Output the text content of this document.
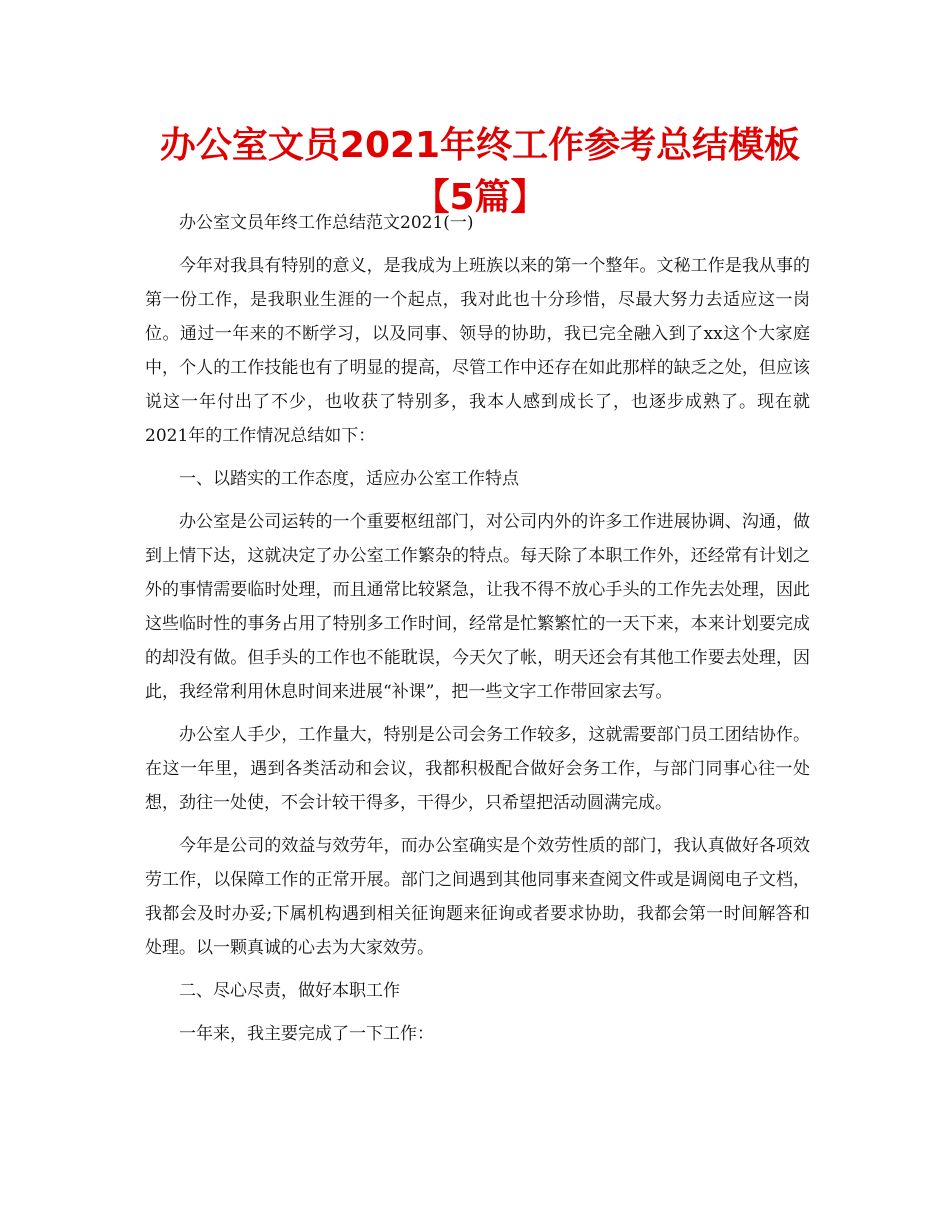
办公室文员2021年终工作参考总结模板【5篇】

办公室文员年终工作总结范文2021(一)

今年对我具有特别的意义，是我成为上班族以来的第一个整年。文秘工作是我从事的第一份工作，是我职业生涯的一个起点，我对此也十分珍惜，尽最大努力去适应这一岗位。通过一年来的不断学习，以及同事、领导的协助，我已完全融入到了xx这个大家庭中，个人的工作技能也有了明显的提高，尽管工作中还存在如此那样的缺乏之处，但应该说这一年付出了不少，也收获了特别多，我本人感到成长了，也逐步成熟了。现在就2021年的工作情况总结如下：

一、以踏实的工作态度，适应办公室工作特点

办公室是公司运转的一个重要枢纽部门，对公司内外的许多工作进展协调、沟通，做到上情下达，这就决定了办公室工作繁杂的特点。每天除了本职工作外，还经常有计划之外的事情需要临时处理，而且通常比较紧急，让我不得不放心手头的工作先去处理，因此这些临时性的事务占用了特别多工作时间，经常是忙繁繁忙的一天下来，本来计划要完成的却没有做。但手头的工作也不能耽误，今天欠了帐，明天还会有其他工作要去处理，因此，我经常利用休息时间来进展“补课”，把一些文字工作带回家去写。

办公室人手少，工作量大，特别是公司会务工作较多，这就需要部门员工团结协作。在这一年里，遇到各类活动和会议，我都积极配合做好会务工作，与部门同事心往一处想，劲往一处使，不会计较干得多，干得少，只希望把活动圆满完成。

今年是公司的效益与效劳年，而办公室确实是个效劳性质的部门，我认真做好各项效劳工作，以保障工作的正常开展。部门之间遇到其他同事来查阅文件或是调阅电子文档，我都会及时办妥;下属机构遇到相关征询题来征询或者要求协助，我都会第一时间解答和处理。以一颗真诚的心去为大家效劳。

二、尽心尽责，做好本职工作

一年来，我主要完成了一下工作：
